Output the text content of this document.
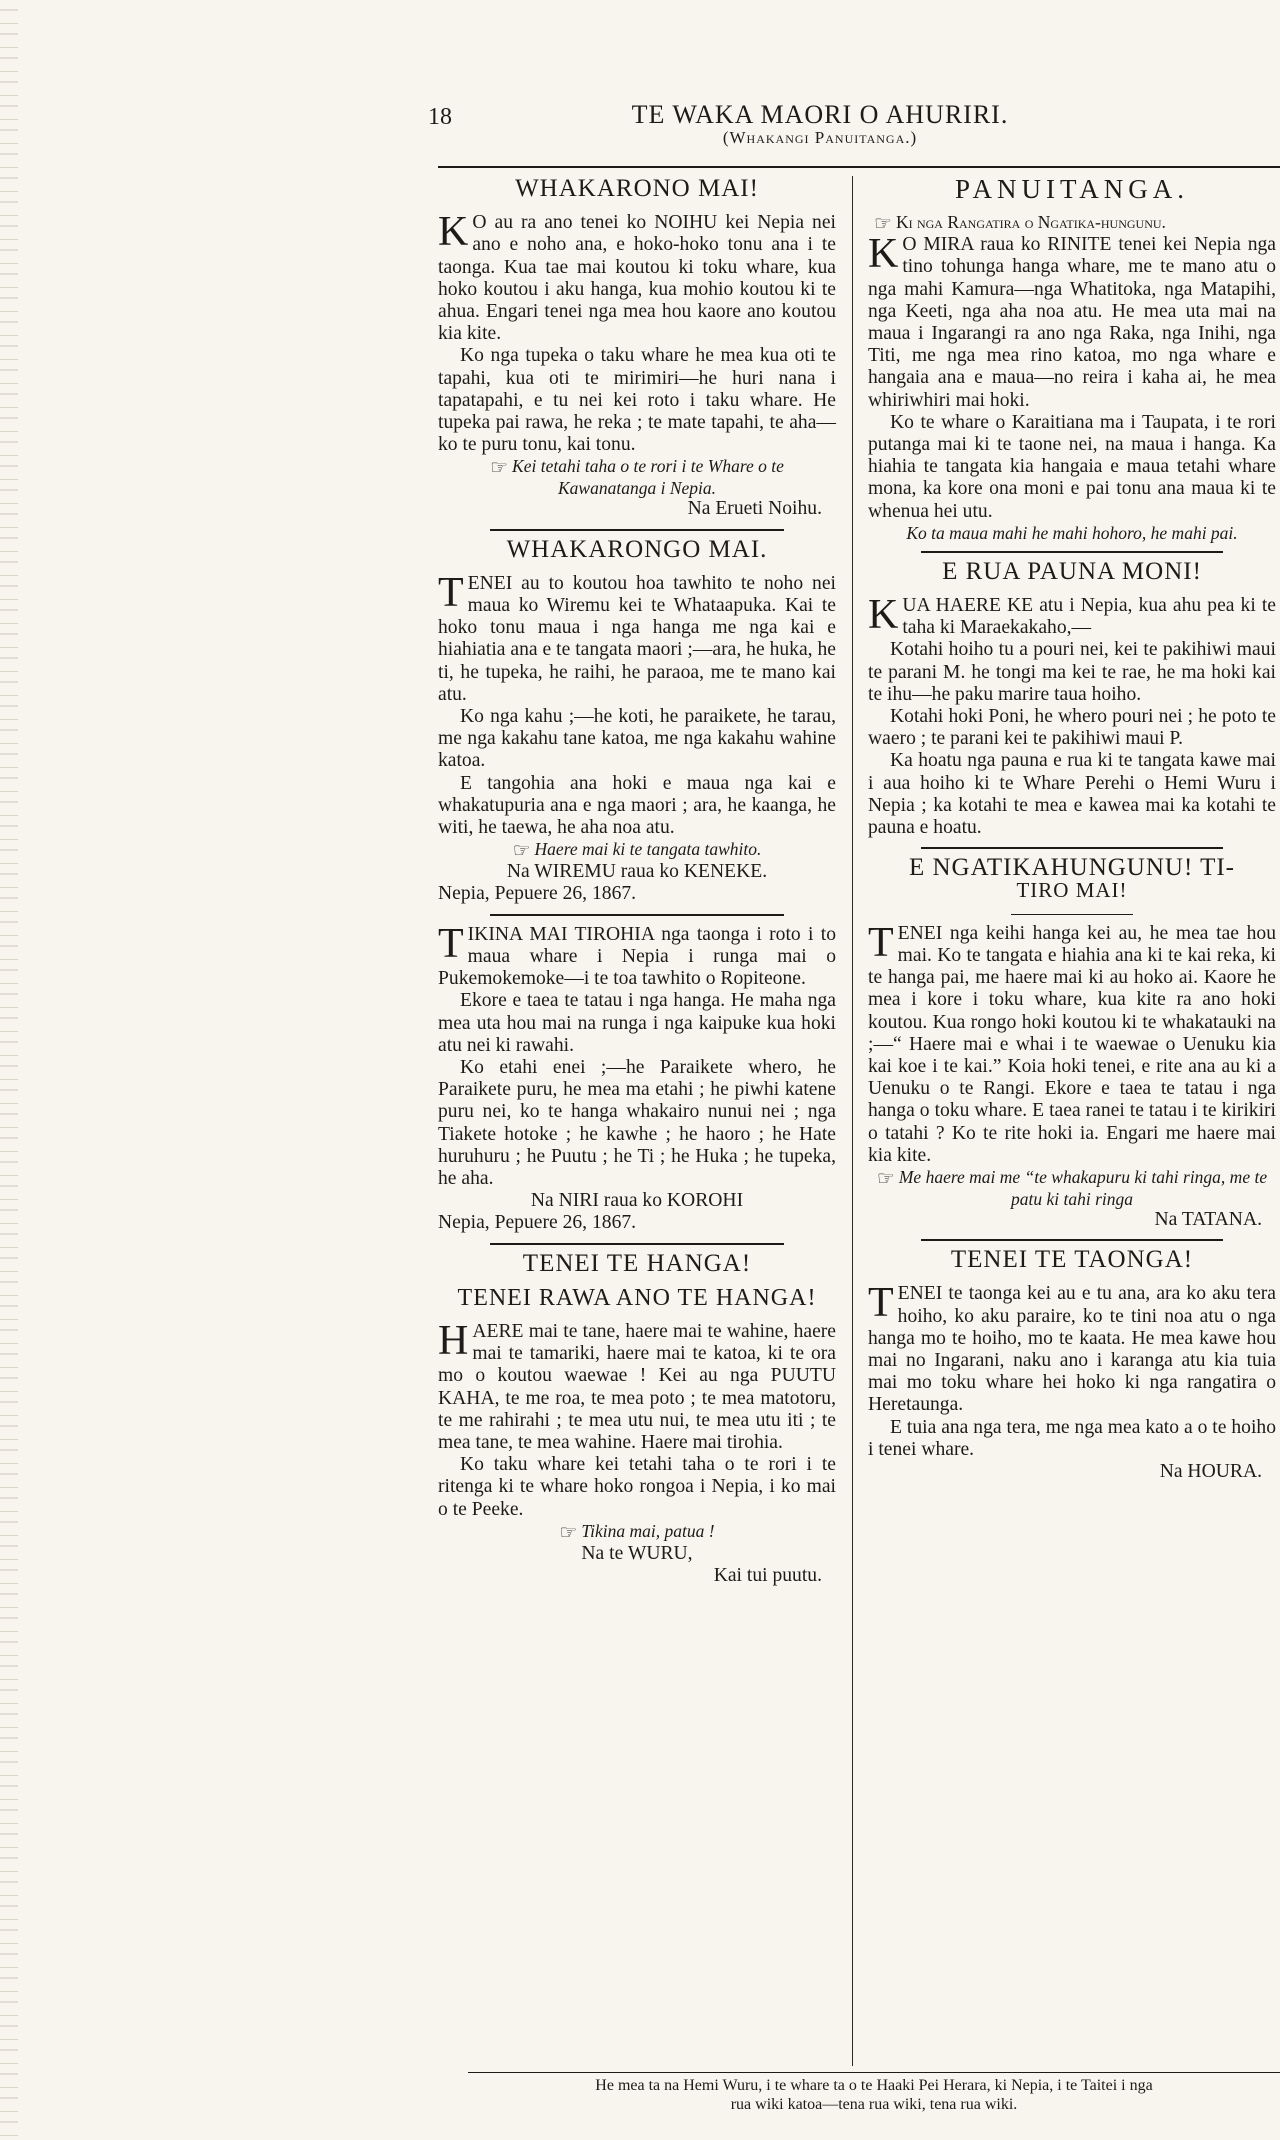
18	TE WAKA MAORI O AHURIRI.
(Whakangi Panuitanga.)
WHAKARONO MAI!

K O au ra ano tenei ko NOIHU kei Nepia nei ano e noho ana, e hoko-hoko tonu ana i te taonga. Kua tae mai koutou ki toku whare, kua hoko koutou i aku hanga, kua mohio koutou ki te ahua. Engari tenei nga mea hou kaore ano koutou kia kite.

Ko nga tupeka o taku whare he mea kua oti te tapahi, kua oti te mirimiri—he huri nana i tapatapahi, e tu nei kei roto i taku whare. He tupeka pai rawa, he reka ; te mate tapahi, te aha—ko te puru tonu, kai tonu.

☞ Kei tetahi taha o te rori i te Whare o te Kawanatanga i Nepia.
Na Erueti Noihu.
WHAKARONGO MAI.

TENEI au to koutou hoa tawhito te noho nei maua ko Wiremu kei te Whataapuka. Kai te hoko tonu maua i nga hanga me nga kai e hiahiatia ana e te tangata maori ;—ara, he huka, he ti, he tupeka, he raihi, he paraoa, me te mano kai atu.

Ko nga kahu ;—he koti, he paraikete, he tarau, me nga kakahu tane katoa, me nga kakahu wahine katoa.

E tangohia ana hoki e maua nga kai e whakatupuria ana e nga maori ; ara, he kaanga, he witi, he taewa, he aha noa atu.

☞ Haere mai ki te tangata tawhito.
Na WIREMU raua ko KENEKE.
Nepia, Pepuere 26, 1867.

TIKINA MAI TIROHIA nga taonga i roto i to maua whare i Nepia i runga mai o Pukemokemoke—i te toa tawhito o Ropiteone.

Ekore e taea te tatau i nga hanga. He maha nga mea uta hou mai na runga i nga kaipuke kua hoki atu nei ki rawahi.

Ko etahi enei ;—he Paraikete whero, he Paraikete puru, he mea ma etahi ; he piwhi katene puru nei, ko te hanga whakairo nunui nei ; nga Tiakete hotoke ; he kawhe ; he haoro ; he Hate huruhuru ; he Puutu ; he Ti ; he Huka ; he tupeka, he aha.

Na NIRI raua ko KOROHI
Nepia, Pepuere 26, 1867.
TENEI TE HANGA!
TENEI RAWA ANO TE HANGA!

HAERE mai te tane, haere mai te wahine, haere mai te tamariki, haere mai te katoa, ki te ora mo o koutou waewae ! Kei au nga PUUTU KAHA, te me roa, te mea poto ; te mea matotoru, te me rahirahi ; te mea utu nui, te mea utu iti ; te mea tane, te mea wahine. Haere mai tirohia.

Ko taku whare kei tetahi taha o te rori i te ritenga ki te whare hoko rongoa i Nepia, i ko mai o te Peeke.

☞ Tikina mai, patua !
Na te WURU,
Kai tui puutu.
PANUITANGA.
☞ Ki nga Rangatira o Ngatika-hungunu.

K O MIRA raua ko RINITE tenei kei Nepia nga tino tohunga hanga whare, me te mano atu o nga mahi Kamura—nga Whatitoka, nga Matapihi, nga Keeti, nga aha noa atu. He mea uta mai na maua i Ingarangi ra ano nga Raka, nga Inihi, nga Titi, me nga mea rino katoa, mo nga whare e hangaia ana e maua—no reira i kaha ai, he mea whiriwhiri mai hoki.

Ko te whare o Karaitiana ma i Taupata, i te rori putanga mai ki te taone nei, na maua i hanga. Ka hiahia te tangata kia hangaia e maua tetahi whare mona, ka kore ona moni e pai tonu ana maua ki te whenua hei utu.

Ko ta maua mahi he mahi hohoro, he mahi pai.
E RUA PAUNA MONI!

KUA HAERE KE atu i Nepia, kua ahu pea ki te taha ki Maraekakaho,—

Kotahi hoiho tu a pouri nei, kei te pakihiwi maui te parani M. he tongi ma kei te rae, he ma hoki kai te ihu—he paku marire taua hoiho.

Kotahi hoki Poni, he whero pouri nei ; he poto te waero ; te parani kei te pakihiwi maui P.

Ka hoatu nga pauna e rua ki te tangata kawe mai i aua hoiho ki te Whare Perehi o Hemi Wuru i Nepia ; ka kotahi te mea e kawea mai ka kotahi te pauna e hoatu.

E NGATIKAHUNGUNU! TI-
TIRO MAI!

TENEI nga keihi hanga kei au, he mea tae hou mai. Ko te tangata e hiahia ana ki te kai reka, ki te hanga pai, me haere mai ki au hoko ai. Kaore he mea i kore i toku whare, kua kite ra ano hoki koutou. Kua rongo hoki koutou ki te whakatauki na ;—“ Haere mai e whai i te waewae o Uenuku kia kai koe i te kai.” Koia hoki tenei, e rite ana au ki a Uenuku o te Rangi. Ekore e taea te tatau i nga hanga o toku whare. E taea ranei te tatau i te kirikiri o tatahi ? Ko te rite hoki ia. Engari me haere mai kia kite.

☞ Me haere mai me “te whakapuru ki tahi ringa, me te patu ki tahi ringa
Na TATANA.
TENEI TE TAONGA!

TENEI te taonga kei au e tu ana, ara ko aku tera hoiho, ko aku paraire, ko te tini noa atu o nga hanga mo te hoiho, mo te kaata. He mea kawe hou mai no Ingarani, naku ano i karanga atu kia tuia mai mo toku whare hei hoko ki nga rangatira o Heretaunga.

E tuia ana nga tera, me nga mea kato a o te hoiho i tenei whare.

Na HOURA.
He mea ta na Hemi Wuru, i te whare ta o te Haaki Pei Herara, ki Nepia, i te Taitei i nga
rua wiki katoa—tena rua wiki, tena rua wiki.
